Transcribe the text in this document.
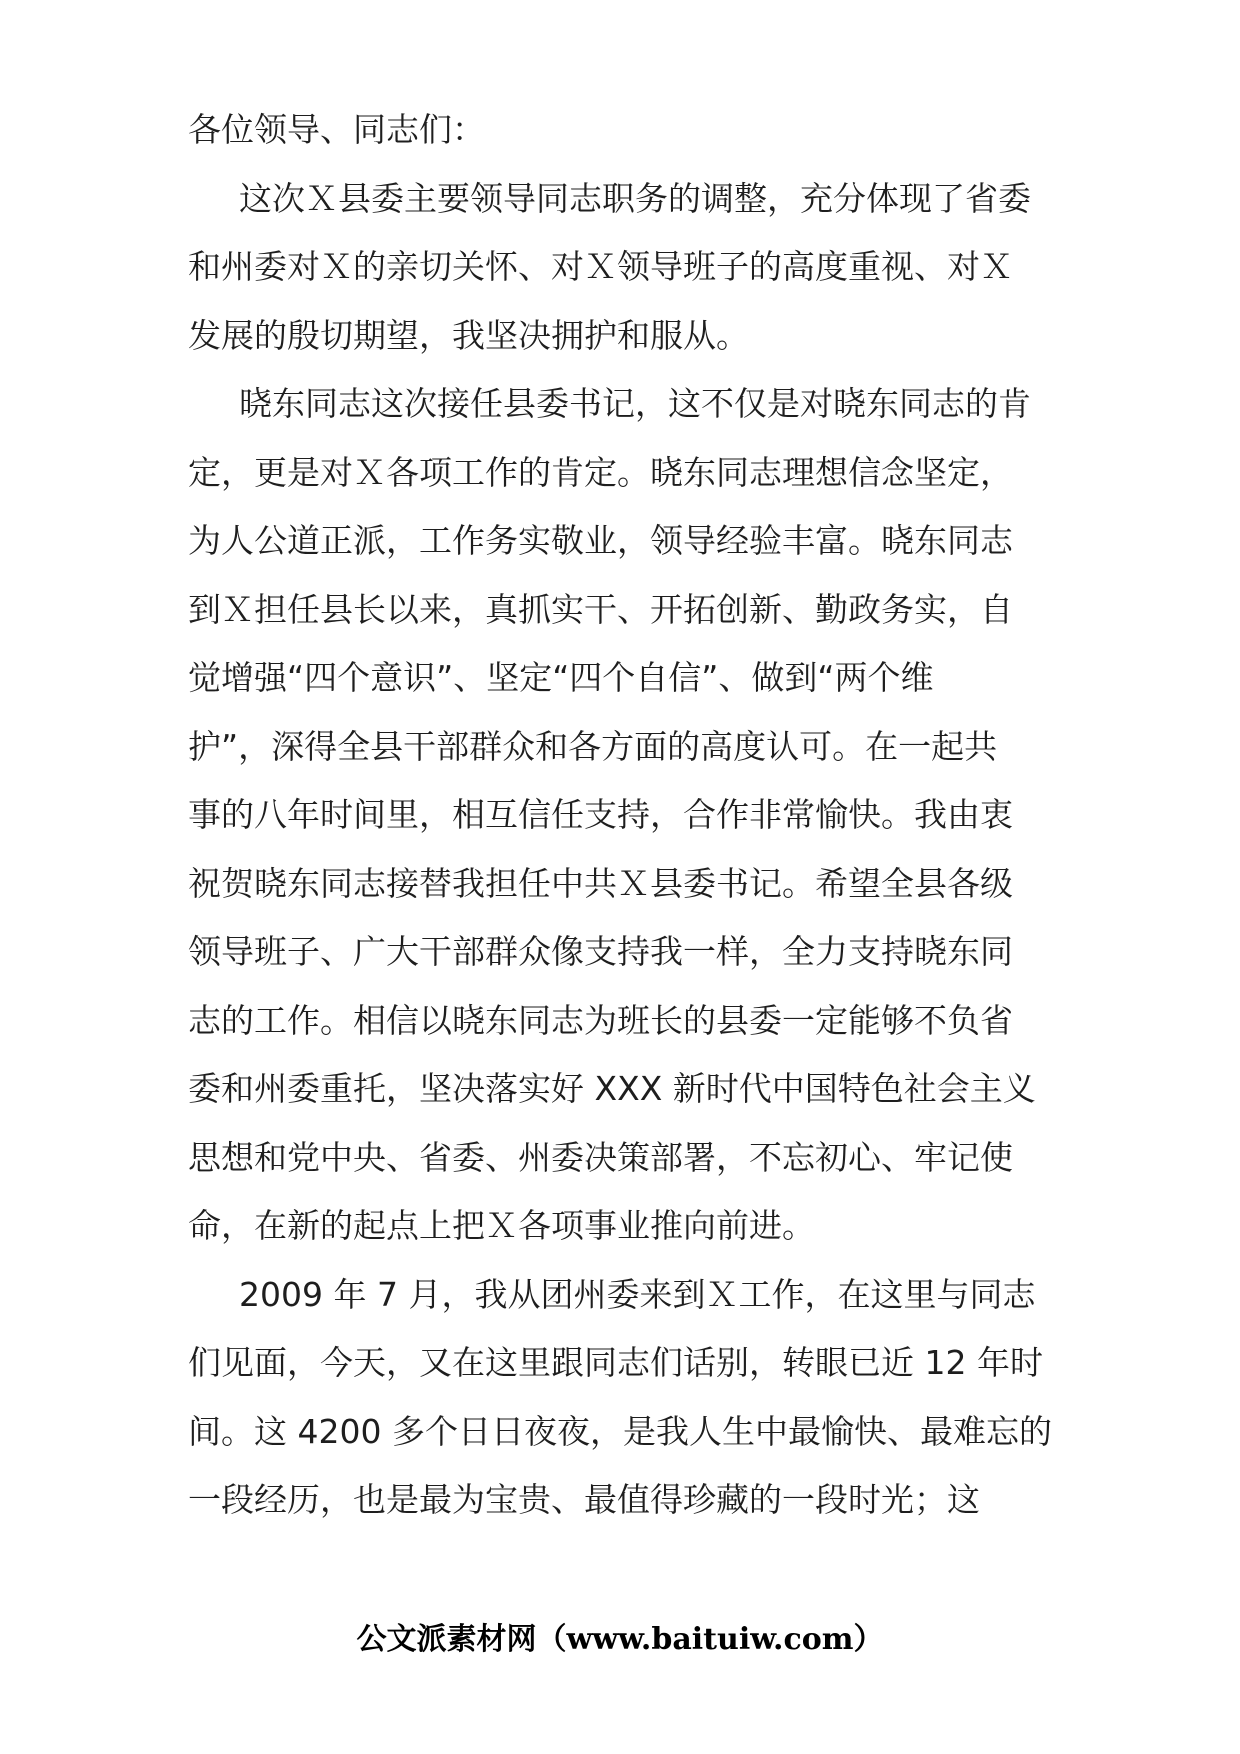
各位领导、同志们：
这次Ｘ县委主要领导同志职务的调整，充分体现了省委
和州委对Ｘ的亲切关怀、对Ｘ领导班子的高度重视、对Ｘ
发展的殷切期望，我坚决拥护和服从。
晓东同志这次接任县委书记，这不仅是对晓东同志的肯
定，更是对Ｘ各项工作的肯定。晓东同志理想信念坚定，
为人公道正派，工作务实敬业，领导经验丰富。晓东同志
到Ｘ担任县长以来，真抓实干、开拓创新、勤政务实，自
觉增强“四个意识”、坚定“四个自信”、做到“两个维
护”，深得全县干部群众和各方面的高度认可。在一起共
事的八年时间里，相互信任支持，合作非常愉快。我由衷
祝贺晓东同志接替我担任中共Ｘ县委书记。希望全县各级
领导班子、广大干部群众像支持我一样，全力支持晓东同
志的工作。相信以晓东同志为班长的县委一定能够不负省
委和州委重托，坚决落实好 XXX 新时代中国特色社会主义
思想和党中央、省委、州委决策部署，不忘初心、牢记使
命，在新的起点上把Ｘ各项事业推向前进。
2009 年 7 月，我从团州委来到Ｘ工作，在这里与同志
们见面，今天，又在这里跟同志们话别，转眼已近 12 年时
间。这 4200 多个日日夜夜，是我人生中最愉快、最难忘的
一段经历，也是最为宝贵、最值得珍藏的一段时光；这
公文派素材网（www.baituiw.com）
